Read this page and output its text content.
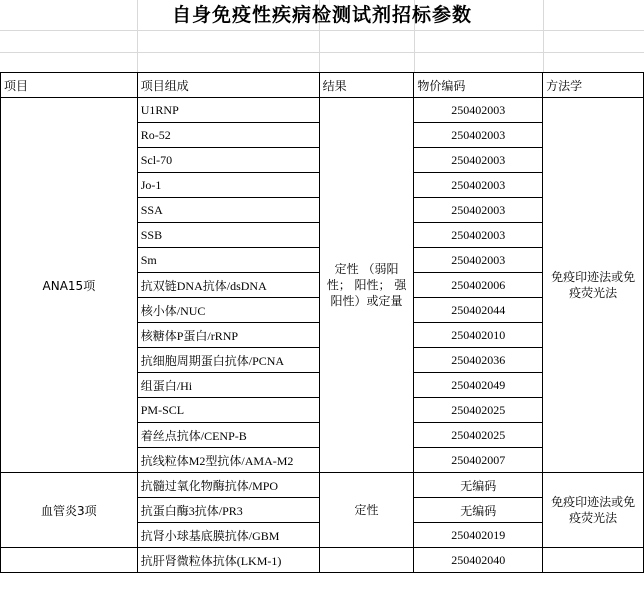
自身免疫性疾病检测试剂招标参数
项目	项目组成	结果	物价编码	方法学
ANA15项	U1RNP	定性 （弱阳性； 阳性； 强阳性）或定量	250402003	免疫印迹法或免疫荧光法
	Ro-52		250402003	
	Scl-70		250402003	
	Jo-1		250402003	
	SSA		250402003	
	SSB		250402003	
	Sm		250402003	
	抗双链DNA抗体/dsDNA		250402006	
	核小体/NUC		250402044	
	核糖体P蛋白/rRNP		250402010	
	抗细胞周期蛋白抗体/PCNA		250402036	
	组蛋白/Hi		250402049	
	PM-SCL		250402025	
	着丝点抗体/CENP-B		250402025	
	抗线粒体M2型抗体/AMA-M2		250402007	
血管炎3项	抗髓过氧化物酶抗体/MPO	定性	无编码	免疫印迹法或免疫荧光法
	抗蛋白酶3抗体/PR3		无编码	
	抗肾小球基底膜抗体/GBM		250402019	
	抗肝肾微粒体抗体(LKM-1)		250402040	
